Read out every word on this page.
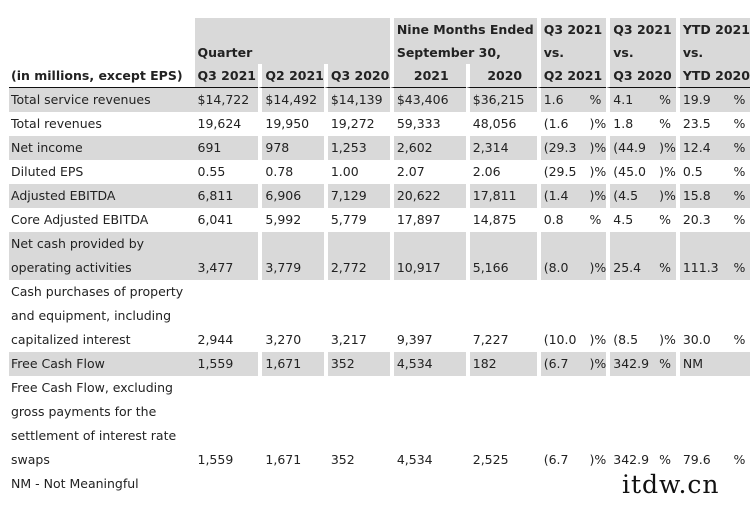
				Nine Months Ended		Q3 2021		Q3 2021		YTD 2021	
	Quarter			September 30,		vs.		vs.		vs.	
(in millions, except EPS)	Q3 2021	Q2 2021	Q3 2020	2021	2020	Q2 2021		Q3 2020		YTD 2020	
Total service revenues	$14,722	$14,492	$14,139	$43,406	$36,215	1.6	%	4.1	%	19.9	%
Total revenues	19,624	19,950	19,272	59,333	48,056	(1.6	)%	1.8	%	23.5	%
Net income	691	978	1,253	2,602	2,314	(29.3	)%	(44.9	)%	12.4	%
Diluted EPS	0.55	0.78	1.00	2.07	2.06	(29.5	)%	(45.0	)%	0.5	%
Adjusted EBITDA	6,811	6,906	7,129	20,622	17,811	(1.4	)%	(4.5	)%	15.8	%
Core Adjusted EBITDA	6,041	5,992	5,779	17,897	14,875	0.8	%	4.5	%	20.3	%
Net cash provided by											
operating activities	3,477	3,779	2,772	10,917	5,166	(8.0	)%	25.4	%	111.3	%
Cash purchases of property											
and equipment, including											
capitalized interest	2,944	3,270	3,217	9,397	7,227	(10.0	)%	(8.5	)%	30.0	%
Free Cash Flow	1,559	1,671	352	4,534	182	(6.7	)%	342.9	%	NM	
Free Cash Flow, excluding											
gross payments for the											
settlement of interest rate											
swaps	1,559	1,671	352	4,534	2,525	(6.7	)%	342.9	%	79.6	%
NM - Not Meaningful												itdw.cn
